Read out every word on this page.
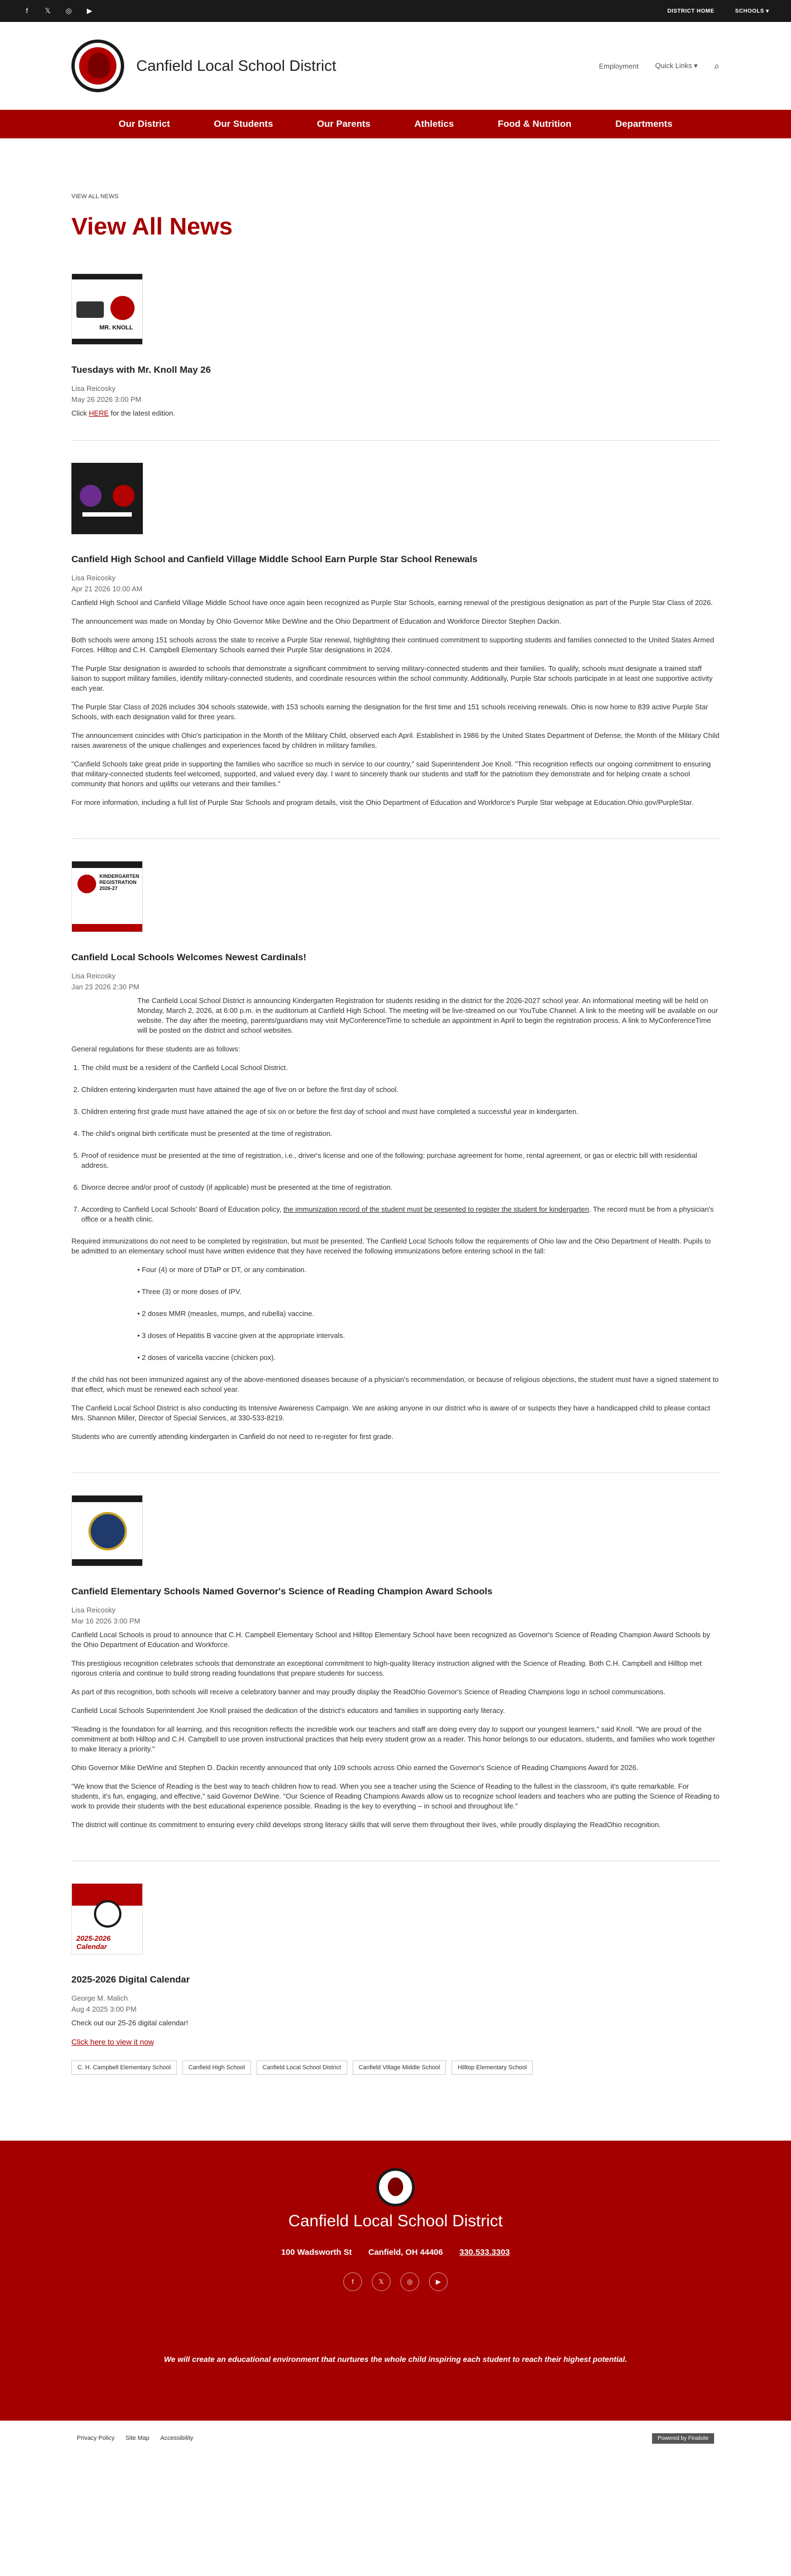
f	𝕏 ◎	▶	DISTRICT HOME	SCHOOLS ▾
Canfield Local School District	Employment Quick Links ▾ ⌕
Our District	Our Students	Our Parents	Athletics	Food & Nutrition	Departments
VIEW ALL NEWS
View All News
MR. KNOLL
Tuesdays with Mr. Knoll May 26
Lisa Reicosky
May 26 2026 3:00 PM
Click HERE for the latest edition.
Canfield High School and Canfield Village Middle School Earn Purple Star School Renewals
Lisa Reicosky
Apr 21 2026 10:00 AM

Canfield High School and Canfield Village Middle School have once again been recognized as Purple Star Schools, earning renewal of the prestigious designation as part of the Purple Star Class of 2026.

The announcement was made on Monday by Ohio Governor Mike DeWine and the Ohio Department of Education and Workforce Director Stephen Dackin.

Both schools were among 151 schools across the state to receive a Purple Star renewal, highlighting their continued commitment to supporting students and families connected to the United States Armed Forces. Hilltop and C.H. Campbell Elementary Schools earned their Purple Star designations in 2024.

The Purple Star designation is awarded to schools that demonstrate a significant commitment to serving military-connected students and their families. To qualify, schools must designate a trained staff liaison to support military families, identify military-connected students, and coordinate resources within the school community. Additionally, Purple Star schools participate in at least one supportive activity each year.

The Purple Star Class of 2026 includes 304 schools statewide, with 153 schools earning the designation for the first time and 151 schools receiving renewals. Ohio is now home to 839 active Purple Star Schools, with each designation valid for three years.

The announcement coincides with Ohio's participation in the Month of the Military Child, observed each April. Established in 1986 by the United States Department of Defense, the Month of the Military Child raises awareness of the unique challenges and experiences faced by children in military families.

"Canfield Schools take great pride in supporting the families who sacrifice so much in service to our country," said Superintendent Joe Knoll. "This recognition reflects our ongoing commitment to ensuring that military-connected students feel welcomed, supported, and valued every day. I want to sincerely thank our students and staff for the patriotism they demonstrate and for helping create a school community that honors and uplifts our veterans and their families."

For more information, including a full list of Purple Star Schools and program details, visit the Ohio Department of Education and Workforce's Purple Star webpage at Education.Ohio.gov/PurpleStar.

KINDERGARTEN REGISTRATION 2026-27
Canfield Local Schools Welcomes Newest Cardinals!
Lisa Reicosky
Jan 23 2026 2:30 PM

The Canfield Local School District is announcing Kindergarten Registration for students residing in the district for the 2026-2027 school year. An informational meeting will be held on Monday, March 2, 2026, at 6:00 p.m. in the auditorium at Canfield High School. The meeting will be live-streamed on our YouTube Channel. A link to the meeting will be available on our website. The day after the meeting, parents/guardians may visit MyConferenceTime to schedule an appointment in April to begin the registration process. A link to MyConferenceTime will be posted on the district and school websites.

General regulations for these students are as follows:

1. The child must be a resident of the Canfield Local School District.
2. Children entering kindergarten must have attained the age of five on or before the first day of school.
3. Children entering first grade must have attained the age of six on or before the first day of school and must have completed a successful year in kindergarten.
4. The child's original birth certificate must be presented at the time of registration.
5. Proof of residence must be presented at the time of registration, i.e., driver's license and one of the following: purchase agreement for home, rental agreement, or gas or electric bill with residential address.
6. Divorce decree and/or proof of custody (if applicable) must be presented at the time of registration.
7. According to Canfield Local Schools' Board of Education policy, the immunization record of the student must be presented to register the student for kindergarten. The record must be from a physician's office or a health clinic.

Required immunizations do not need to be completed by registration, but must be presented. The Canfield Local Schools follow the requirements of Ohio law and the Ohio Department of Health. Pupils to be admitted to an elementary school must have written evidence that they have received the following immunizations before entering school in the fall:

• Four (4) or more of DTaP or DT, or any combination.
• Three (3) or more doses of IPV.
• 2 doses MMR (measles, mumps, and rubella) vaccine.
• 3 doses of Hepatitis B vaccine given at the appropriate intervals.
• 2 doses of varicella vaccine (chicken pox).

If the child has not been immunized against any of the above-mentioned diseases because of a physician's recommendation, or because of religious objections, the student must have a signed statement to that effect, which must be renewed each school year.

The Canfield Local School District is also conducting its Intensive Awareness Campaign. We are asking anyone in our district who is aware of or suspects they have a handicapped child to please contact Mrs. Shannon Miller, Director of Special Services, at 330-533-8219.

Students who are currently attending kindergarten in Canfield do not need to re-register for first grade.

Canfield Elementary Schools Named Governor's Science of Reading Champion Award Schools
Lisa Reicosky
Mar 16 2026 3:00 PM

Canfield Local Schools is proud to announce that C.H. Campbell Elementary School and Hilltop Elementary School have been recognized as Governor's Science of Reading Champion Award Schools by the Ohio Department of Education and Workforce.

This prestigious recognition celebrates schools that demonstrate an exceptional commitment to high-quality literacy instruction aligned with the Science of Reading. Both C.H. Campbell and Hilltop met rigorous criteria and continue to build strong reading foundations that prepare students for success.

As part of this recognition, both schools will receive a celebratory banner and may proudly display the ReadOhio Governor's Science of Reading Champions logo in school communications.

Canfield Local Schools Superintendent Joe Knoll praised the dedication of the district's educators and families in supporting early literacy.

"Reading is the foundation for all learning, and this recognition reflects the incredible work our teachers and staff are doing every day to support our youngest learners," said Knoll. "We are proud of the commitment at both Hilltop and C.H. Campbell to use proven instructional practices that help every student grow as a reader. This honor belongs to our educators, students, and families who work together to make literacy a priority."

Ohio Governor Mike DeWine and Stephen D. Dackin recently announced that only 109 schools across Ohio earned the Governor's Science of Reading Champions Award for 2026.

"We know that the Science of Reading is the best way to teach children how to read. When you see a teacher using the Science of Reading to the fullest in the classroom, it's quite remarkable. For students, it's fun, engaging, and effective," said Governor DeWine. "Our Science of Reading Champions Awards allow us to recognize school leaders and teachers who are putting the Science of Reading to work to provide their students with the best educational experience possible. Reading is the key to everything – in school and throughout life."

The district will continue its commitment to ensuring every child develops strong literacy skills that will serve them throughout their lives, while proudly displaying the ReadOhio recognition.

2025-2026 Calendar
2025-2026 Digital Calendar
George M. Malich
Aug 4 2025 3:00 PM

Check out our 25-26 digital calendar!

Click here to view it now

C. H. Campbell Elementary School	Canfield High School	Canfield Local School District	Canfield Village Middle School	Hilltop Elementary School
Canfield Local School District
100 Wadsworth St Canfield, OH 44406 330.533.3303
f	𝕏	◎	▶
We will create an educational environment that nurtures the whole child inspiring each student to reach their highest potential.
Privacy Policy Site Map Accessibility	Powered by Finalsite
